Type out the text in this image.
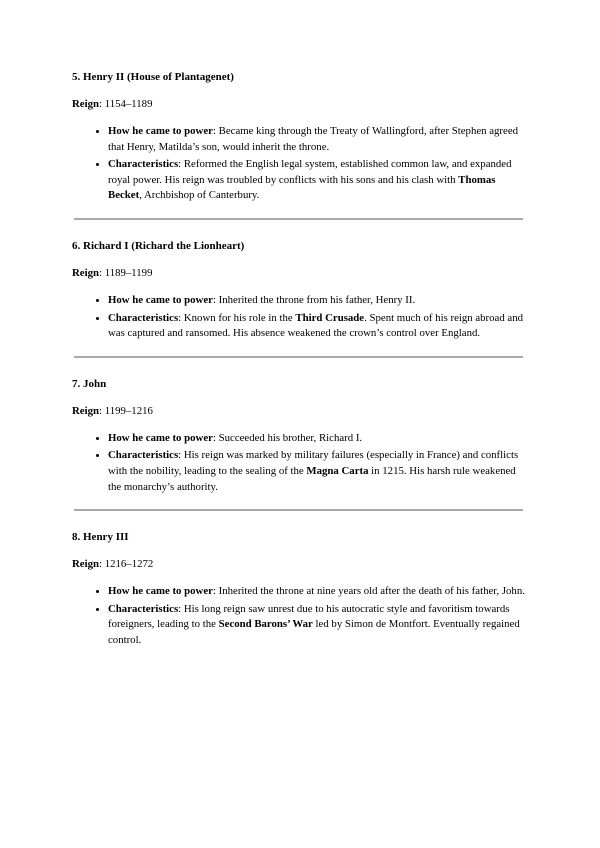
5. Henry II (House of Plantagenet)

Reign: 1154–1189

• How he came to power: Became king through the Treaty of Wallingford, after Stephen agreed that Henry, Matilda’s son, would inherit the throne.
• Characteristics: Reformed the English legal system, established common law, and expanded royal power. His reign was troubled by conflicts with his sons and his clash with Thomas Becket, Archbishop of Canterbury.
6. Richard I (Richard the Lionheart)

Reign: 1189–1199

• How he came to power: Inherited the throne from his father, Henry II.
• Characteristics: Known for his role in the Third Crusade. Spent much of his reign abroad and was captured and ransomed. His absence weakened the crown’s control over England.
7. John

Reign: 1199–1216

• How he came to power: Succeeded his brother, Richard I.
• Characteristics: His reign was marked by military failures (especially in France) and conflicts with the nobility, leading to the sealing of the Magna Carta in 1215. His harsh rule weakened the monarchy’s authority.
8. Henry III

Reign: 1216–1272

• How he came to power: Inherited the throne at nine years old after the death of his father, John.
• Characteristics: His long reign saw unrest due to his autocratic style and favoritism towards foreigners, leading to the Second Barons’ War led by Simon de Montfort. Eventually regained control.
